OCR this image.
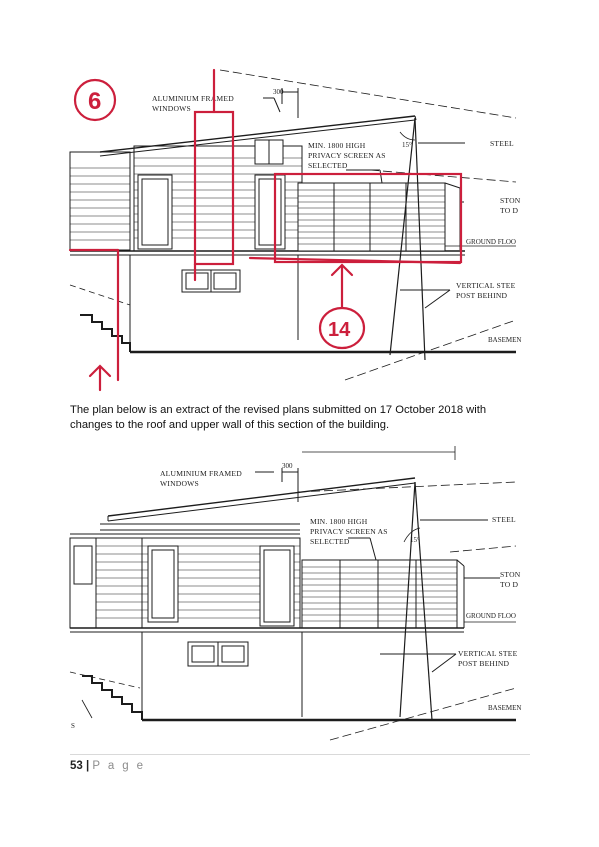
ALUMINIUM FRAMED
WINDOWS
300
MIN. 1800 HIGH
PRIVACY SCREEN AS
SELECTED
15°	STEEL
STON
TO D
GROUND FLOO
VERTICAL STEE
POST BEHIND
BASEMEN
6
14

The plan below is an extract of the revised plans submitted on 17 October 2018 with changes to the roof and upper wall of this section of the building.

ALUMINIUM FRAMED
WINDOWS
300
MIN. 1800 HIGH
PRIVACY SCREEN AS
SELECTED	15°
STEEL
STON
TO D
GROUND FLOO
VERTICAL STEE
POST BEHIND
BASEMEN
S
53 | P a g e
